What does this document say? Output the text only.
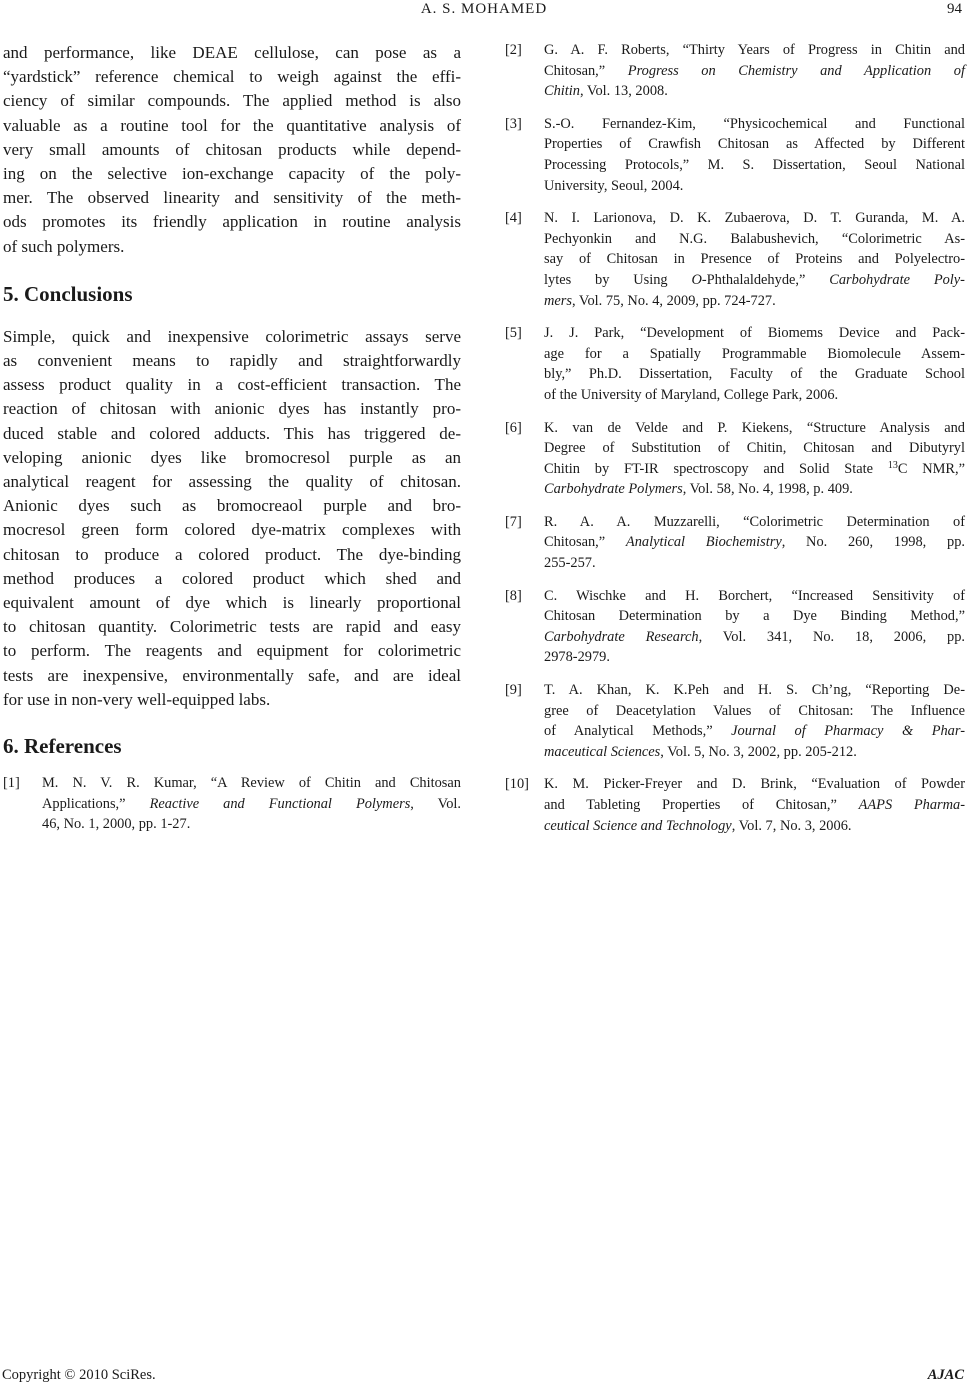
A. S. MOHAMED	94
and performance, like DEAE cellulose, can pose as a
“yardstick” reference chemical to weigh against the effi-
ciency of similar compounds. The applied method is also
valuable as a routine tool for the quantitative analysis of
very small amounts of chitosan products while depend-
ing on the selective ion-exchange capacity of the poly-
mer. The observed linearity and sensitivity of the meth-
ods promotes its friendly application in routine analysis
of such polymers.
5. Conclusions
Simple, quick and inexpensive colorimetric assays serve
as convenient means to rapidly and straightforwardly
assess product quality in a cost-efficient transaction. The
reaction of chitosan with anionic dyes has instantly pro-
duced stable and colored adducts. This has triggered de-
veloping anionic dyes like bromocresol purple as an
analytical reagent for assessing the quality of chitosan.
Anionic dyes such as bromocreaol purple and bro-
mocresol green form colored dye-matrix complexes with
chitosan to produce a colored product. The dye-binding
method produces a colored product which shed and
equivalent amount of dye which is linearly proportional
to chitosan quantity. Colorimetric tests are rapid and easy
to perform. The reagents and equipment for colorimetric
tests are inexpensive, environmentally safe, and are ideal
for use in non-very well-equipped labs.
6. References
[1] M. N. V. R. Kumar, “A Review of Chitin and Chitosan
Applications,” Reactive and Functional Polymers, Vol.
46, No. 1, 2000, pp. 1-27.
[2] G. A. F. Roberts, “Thirty Years of Progress in Chitin and
Chitosan,” Progress on Chemistry and Application of
Chitin, Vol. 13, 2008.
[3] S.-O. Fernandez-Kim, “Physicochemical and Functional
Properties of Crawfish Chitosan as Affected by Different
Processing Protocols,” M. S. Dissertation, Seoul National
University, Seoul, 2004.
[4] N. I. Larionova, D. K. Zubaerova, D. T. Guranda, M. A.
Pechyonkin and N.G. Balabushevich, “Colorimetric As-
say of Chitosan in Presence of Proteins and Polyelectro-
lytes by Using O-Phthalaldehyde,” Carbohydrate Poly-
mers, Vol. 75, No. 4, 2009, pp. 724-727.
[5] J. J. Park, “Development of Biomems Device and Pack-
age for a Spatially Programmable Biomolecule Assem-
bly,” Ph.D. Dissertation, Faculty of the Graduate School
of the University of Maryland, College Park, 2006.
[6] K. van de Velde and P. Kiekens, “Structure Analysis and
Degree of Substitution of Chitin, Chitosan and Dibutyryl
Chitin by FT-IR spectroscopy and Solid State $^{13}$C NMR,”
Carbohydrate Polymers, Vol. 58, No. 4, 1998, p. 409.
[7] R. A. A. Muzzarelli, “Colorimetric Determination of
Chitosan,” Analytical Biochemistry, No. 260, 1998, pp.
255-257.
[8] C. Wischke and H. Borchert, “Increased Sensitivity of
Chitosan Determination by a Dye Binding Method,”
Carbohydrate Research, Vol. 341, No. 18, 2006, pp.
2978-2979.
[9] T. A. Khan, K. K.Peh and H. S. Ch’ng, “Reporting De-
gree of Deacetylation Values of Chitosan: The Influence
of Analytical Methods,” Journal of Pharmacy & Phar-
maceutical Sciences, Vol. 5, No. 3, 2002, pp. 205-212.
[10] K. M. Picker-Freyer and D. Brink, “Evaluation of Powder
and Tableting Properties of Chitosan,” AAPS Pharma-
ceutical Science and Technology, Vol. 7, No. 3, 2006.
Copyright © 2010 SciRes.	AJAC
